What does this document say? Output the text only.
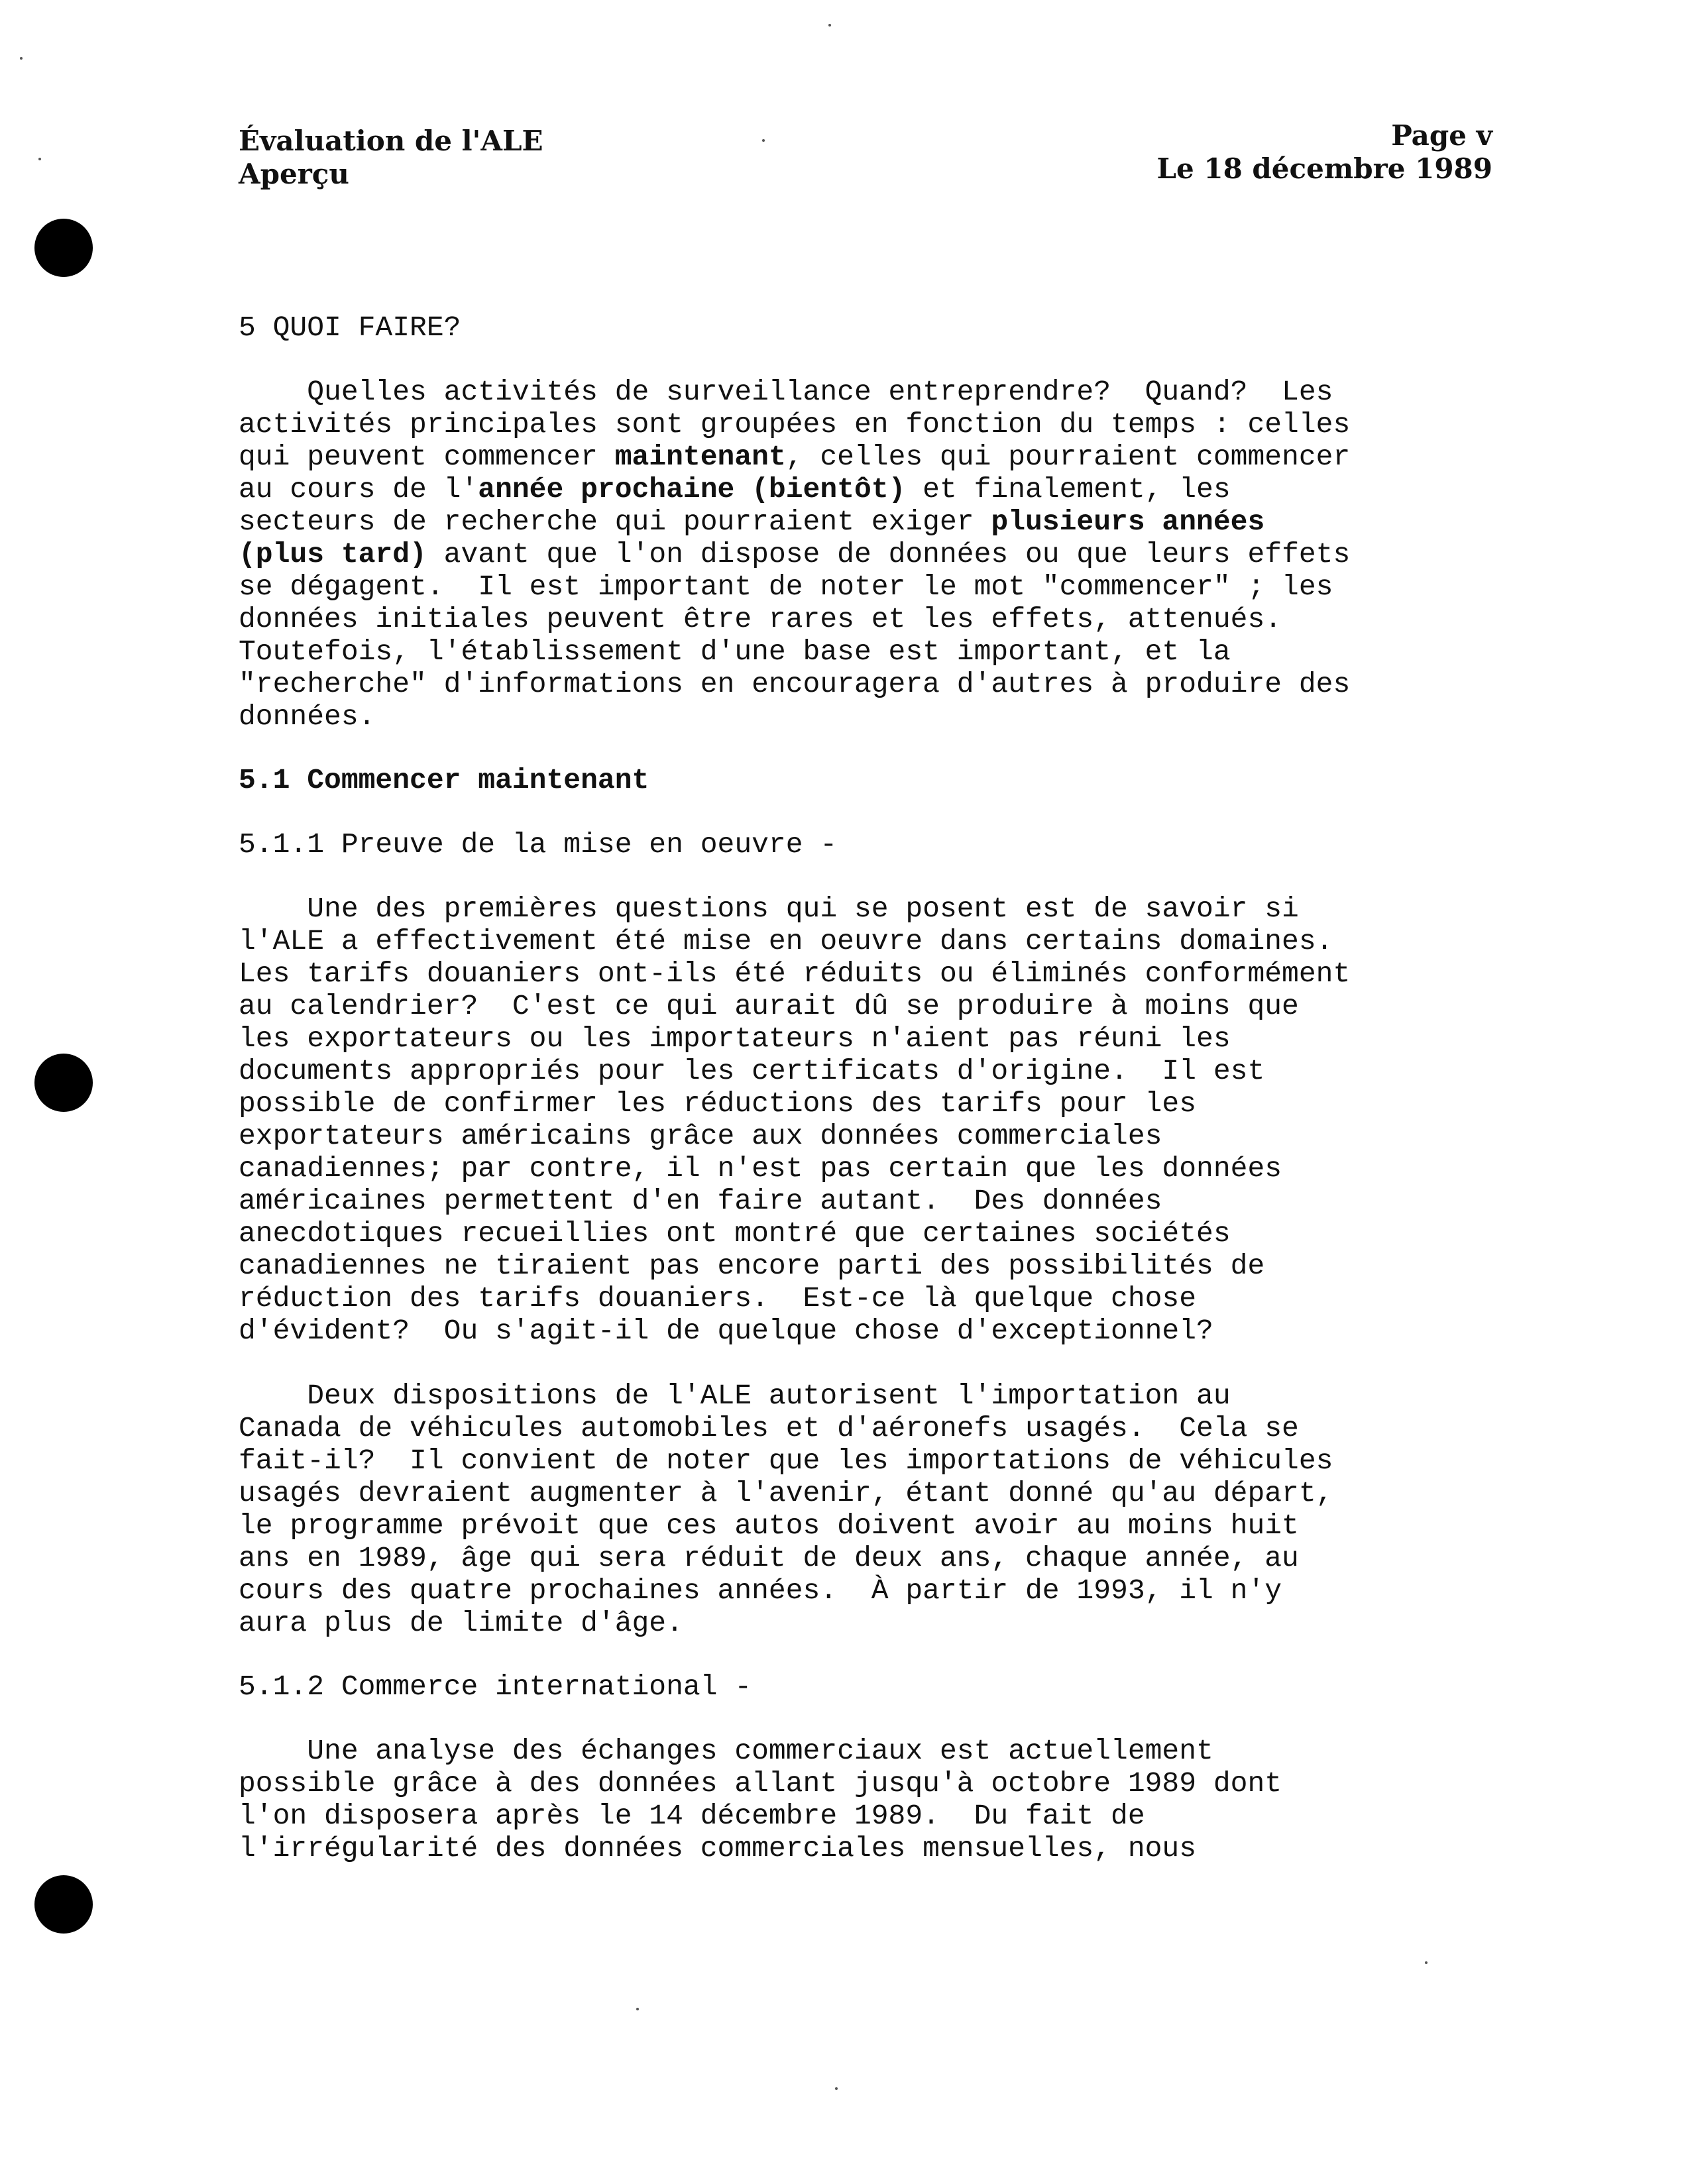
Évaluation de l'ALE
Aperçu
Page v
Le 18 décembre 1989

5 QUOI FAIRE?

Quelles activités de surveillance entreprendre?  Quand?  Les
activités principales sont groupées en fonction du temps : celles
qui peuvent commencer maintenant, celles qui pourraient commencer
au cours de l'année prochaine (bientôt) et finalement, les
secteurs de recherche qui pourraient exiger plusieurs années
(plus tard) avant que l'on dispose de données ou que leurs effets
se dégagent.  Il est important de noter le mot "commencer" ; les
données initiales peuvent être rares et les effets, attenués.
Toutefois, l'établissement d'une base est important, et la
"recherche" d'informations en encouragera d'autres à produire des
données.

5.1 Commencer maintenant

5.1.1 Preuve de la mise en oeuvre -

Une des premières questions qui se posent est de savoir si
l'ALE a effectivement été mise en oeuvre dans certains domaines.
Les tarifs douaniers ont-ils été réduits ou éliminés conformément
au calendrier?  C'est ce qui aurait dû se produire à moins que
les exportateurs ou les importateurs n'aient pas réuni les
documents appropriés pour les certificats d'origine.  Il est
possible de confirmer les réductions des tarifs pour les
exportateurs américains grâce aux données commerciales
canadiennes; par contre, il n'est pas certain que les données
américaines permettent d'en faire autant.  Des données
anecdotiques recueillies ont montré que certaines sociétés
canadiennes ne tiraient pas encore parti des possibilités de
réduction des tarifs douaniers.  Est-ce là quelque chose
d'évident?  Ou s'agit-il de quelque chose d'exceptionnel?

Deux dispositions de l'ALE autorisent l'importation au
Canada de véhicules automobiles et d'aéronefs usagés.  Cela se
fait-il?  Il convient de noter que les importations de véhicules
usagés devraient augmenter à l'avenir, étant donné qu'au départ,
le programme prévoit que ces autos doivent avoir au moins huit
ans en 1989, âge qui sera réduit de deux ans, chaque année, au
cours des quatre prochaines années.  À partir de 1993, il n'y
aura plus de limite d'âge.

5.1.2 Commerce international -

Une analyse des échanges commerciaux est actuellement
possible grâce à des données allant jusqu'à octobre 1989 dont
l'on disposera après le 14 décembre 1989.  Du fait de
l'irrégularité des données commerciales mensuelles, nous
